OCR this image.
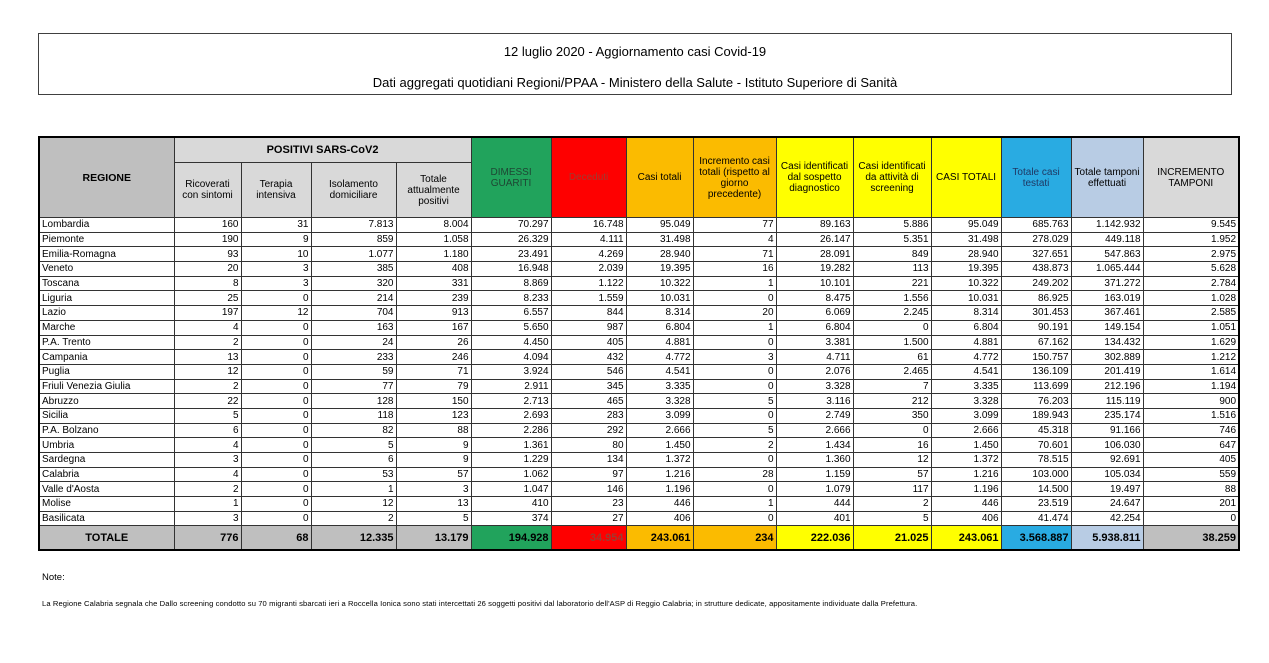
12 luglio 2020 - Aggiornamento casi Covid-19
Dati aggregati quotidiani Regioni/PPAA - Ministero della Salute - Istituto Superiore di Sanità
REGIONE	POSITIVI SARS-CoV2				DIMESSI GUARITI	Deceduti	Casi totali	Incremento casi totali (rispetto al giorno precedente)	Casi identificati dal sospetto diagnostico	Casi identificati da attività di screening	CASI TOTALI	Totale casi testati	Totale tamponi effettuati	INCREMENTO TAMPONI
	Ricoverati con sintomi	Terapia intensiva	Isolamento domiciliare	Totale attualmente positivi										
Lombardia	160	31	7.813	8.004	70.297	16.748	95.049	77	89.163	5.886	95.049	685.763	1.142.932	9.545
Piemonte	190	9	859	1.058	26.329	4.111	31.498	4	26.147	5.351	31.498	278.029	449.118	1.952
Emilia-Romagna	93	10	1.077	1.180	23.491	4.269	28.940	71	28.091	849	28.940	327.651	547.863	2.975
Veneto	20	3	385	408	16.948	2.039	19.395	16	19.282	113	19.395	438.873	1.065.444	5.628
Toscana	8	3	320	331	8.869	1.122	10.322	1	10.101	221	10.322	249.202	371.272	2.784
Liguria	25	0	214	239	8.233	1.559	10.031	0	8.475	1.556	10.031	86.925	163.019	1.028
Lazio	197	12	704	913	6.557	844	8.314	20	6.069	2.245	8.314	301.453	367.461	2.585
Marche	4	0	163	167	5.650	987	6.804	1	6.804	0	6.804	90.191	149.154	1.051
P.A. Trento	2	0	24	26	4.450	405	4.881	0	3.381	1.500	4.881	67.162	134.432	1.629
Campania	13	0	233	246	4.094	432	4.772	3	4.711	61	4.772	150.757	302.889	1.212
Puglia	12	0	59	71	3.924	546	4.541	0	2.076	2.465	4.541	136.109	201.419	1.614
Friuli Venezia Giulia	2	0	77	79	2.911	345	3.335	0	3.328	7	3.335	113.699	212.196	1.194
Abruzzo	22	0	128	150	2.713	465	3.328	5	3.116	212	3.328	76.203	115.119	900
Sicilia	5	0	118	123	2.693	283	3.099	0	2.749	350	3.099	189.943	235.174	1.516
P.A. Bolzano	6	0	82	88	2.286	292	2.666	5	2.666	0	2.666	45.318	91.166	746
Umbria	4	0	5	9	1.361	80	1.450	2	1.434	16	1.450	70.601	106.030	647
Sardegna	3	0	6	9	1.229	134	1.372	0	1.360	12	1.372	78.515	92.691	405
Calabria	4	0	53	57	1.062	97	1.216	28	1.159	57	1.216	103.000	105.034	559
Valle d'Aosta	2	0	1	3	1.047	146	1.196	0	1.079	117	1.196	14.500	19.497	88
Molise	1	0	12	13	410	23	446	1	444	2	446	23.519	24.647	201
Basilicata	3	0	2	5	374	27	406	0	401	5	406	41.474	42.254	0
TOTALE	776	68	12.335	13.179	194.928	34.954	243.061	234	222.036	21.025	243.061	3.568.887	5.938.811	38.259
Note:
La Regione Calabria segnala che Dallo screening condotto su 70 migranti sbarcati ieri a Roccella Ionica sono stati intercettati 26 soggetti positivi dal laboratorio dell'ASP di Reggio Calabria; in strutture dedicate, appositamente individuate dalla Prefettura.
